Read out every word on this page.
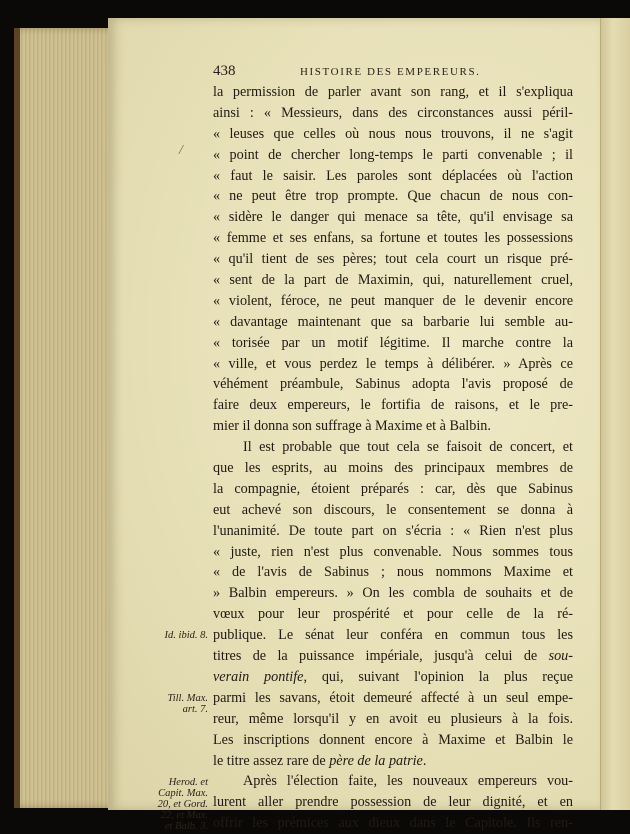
438	HISTOIRE DES EMPEREURS.
/
la permission de parler avant son rang, et il s'expliqua
ainsi : « Messieurs, dans des circonstances aussi péril-
« leuses que celles où nous nous trouvons, il ne s'agit
« point de chercher long-temps le parti convenable ; il
« faut le saisir. Les paroles sont déplacées où l'action
« ne peut être trop prompte. Que chacun de nous con-
« sidère le danger qui menace sa tête, qu'il envisage sa
« femme et ses enfans, sa fortune et toutes les possessions
« qu'il tient de ses pères; tout cela court un risque pré-
« sent de la part de Maximin, qui, naturellement cruel,
« violent, féroce, ne peut manquer de le devenir encore
« davantage maintenant que sa barbarie lui semble au-
« torisée par un motif légitime. Il marche contre la
« ville, et vous perdez le temps à délibérer. » Après ce
véhément préambule, Sabinus adopta l'avis proposé de
faire deux empereurs, le fortifia de raisons, et le pre-
mier il donna son suffrage à Maxime et à Balbin.
Il est probable que tout cela se faisoit de concert, et
que les esprits, au moins des principaux membres de
la compagnie, étoient préparés : car, dès que Sabinus
eut achevé son discours, le consentement se donna à
l'unanimité. De toute part on s'écria : « Rien n'est plus
« juste, rien n'est plus convenable. Nous sommes tous
« de l'avis de Sabinus ; nous nommons Maxime et
» Balbin empereurs. » On les combla de souhaits et de
vœux pour leur prospérité et pour celle de la ré-
publique. Le sénat leur conféra en commun tous les
titres de la puissance impériale, jusqu'à celui de sou-
verain pontife, qui, suivant l'opinion la plus reçue
parmi les savans, étoit demeuré affecté à un seul empe-
reur, même lorsqu'il y en avoit eu plusieurs à la fois.
Les inscriptions donnent encore à Maxime et Balbin le
le titre assez rare de père de la patrie.
Après l'élection faite, les nouveaux empereurs vou-
lurent aller prendre possession de leur dignité, et en
offrir les prémices aux dieux dans le Capitole. Ils ren-
Id. ibid. 8.
Till. Max.
art. 7.
Herod. et
Capit. Max.
20, et Gord.
22, et Max.
et Balb. 3.
